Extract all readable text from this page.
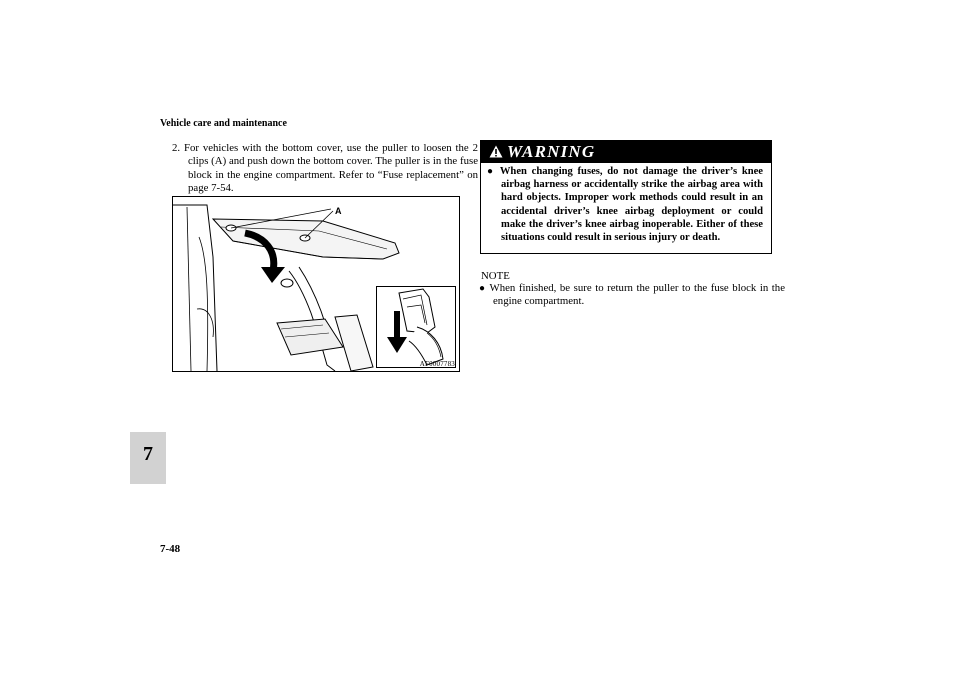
Vehicle care and maintenance
7
7-48
2. For vehicles with the bottom cover, use the puller to loosen the 2 clips (A) and push down the bottom cover. The puller is in the fuse block in the engine compartment. Refer to “Fuse replacement” on page 7-54.
A
AF0007783
WARNING
● When changing fuses, do not damage the driver’s knee airbag harness or accidentally strike the airbag area with hard objects. Improper work methods could result in an accidental driver’s knee airbag deployment or could make the driver’s knee airbag inoperable. Either of these situations could result in serious injury or death.
NOTE
● When finished, be sure to return the puller to the fuse block in the engine compartment.
